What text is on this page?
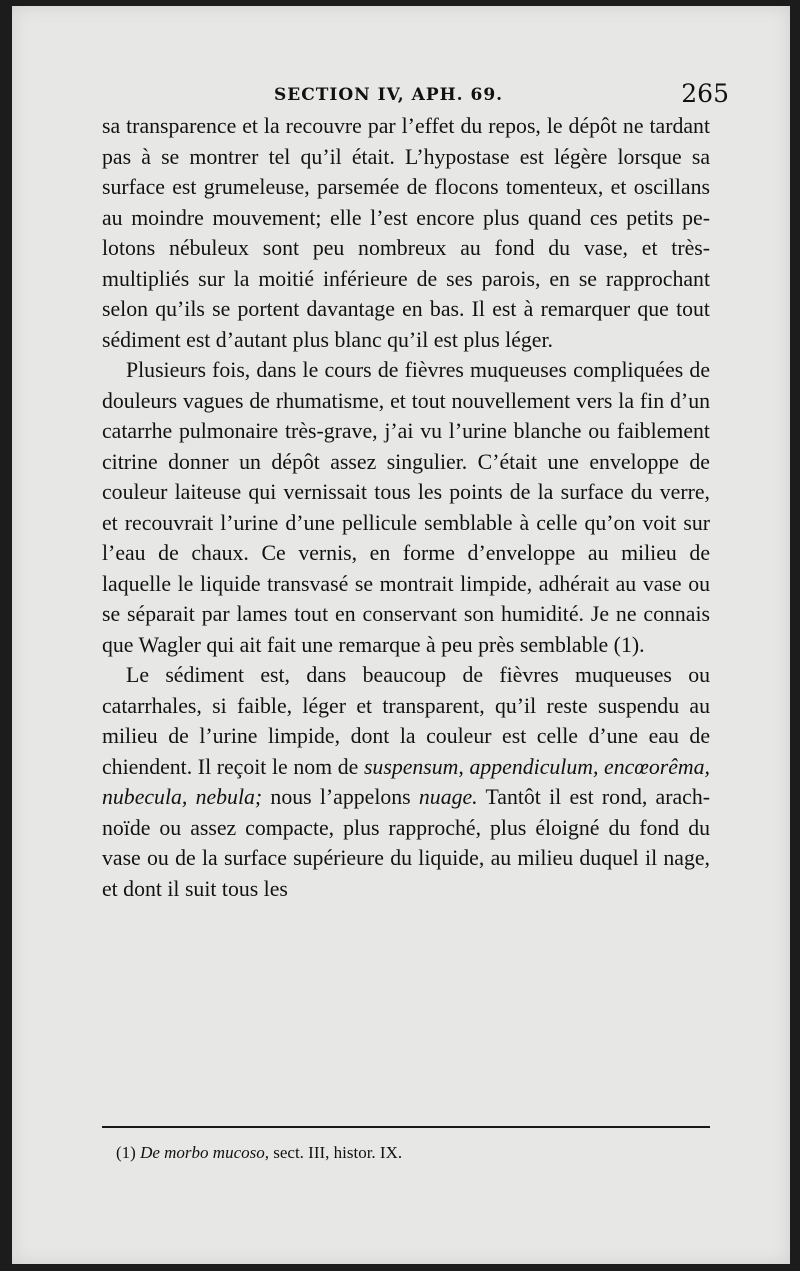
SECTION IV, APH. 69.	265

sa transparence et la recouvre par l’effet du repos, le dépôt ne tardant pas à se montrer tel qu’il était. L’hypostase est légère lorsque sa surface est grumeleuse, parsemée de flocons tomenteux, et oscillans au moindre mouvement; elle l’est encore plus quand ces petits pelotons nébuleux sont peu nombreux au fond du vase, et très-multipliés sur la moitié inférieure de ses parois, en se rapprochant selon qu’ils se portent davantage en bas. Il est à remarquer que tout sédiment est d’autant plus blanc qu’il est plus léger.

Plusieurs fois, dans le cours de fièvres muqueuses compliquées de douleurs vagues de rhumatisme, et tout nouvellement vers la fin d’un catarrhe pulmonaire très-grave, j’ai vu l’urine blanche ou faiblement citrine donner un dépôt assez singulier. C’était une enveloppe de couleur laiteuse qui vernissait tous les points de la surface du verre, et recouvrait l’urine d’une pellicule semblable à celle qu’on voit sur l’eau de chaux. Ce vernis, en forme d’enveloppe au milieu de laquelle le liquide transvasé se montrait limpide, adhérait au vase ou se séparait par lames tout en conservant son humidité. Je ne connais que Wagler qui ait fait une remarque à peu près semblable (1).

Le sédiment est, dans beaucoup de fièvres muqueuses ou catarrhales, si faible, léger et transparent, qu’il reste suspendu au milieu de l’urine limpide, dont la couleur est celle d’une eau de chiendent. Il reçoit le nom de suspensum, appendiculum, encœorêma, nubecula, nebula; nous l’appelons nuage. Tantôt il est rond, arachnoïde ou assez compacte, plus rapproché, plus éloigné du fond du vase ou de la surface supérieure du liquide, au milieu duquel il nage, et dont il suit tous les

(1) De morbo mucoso, sect. III, histor. IX.
